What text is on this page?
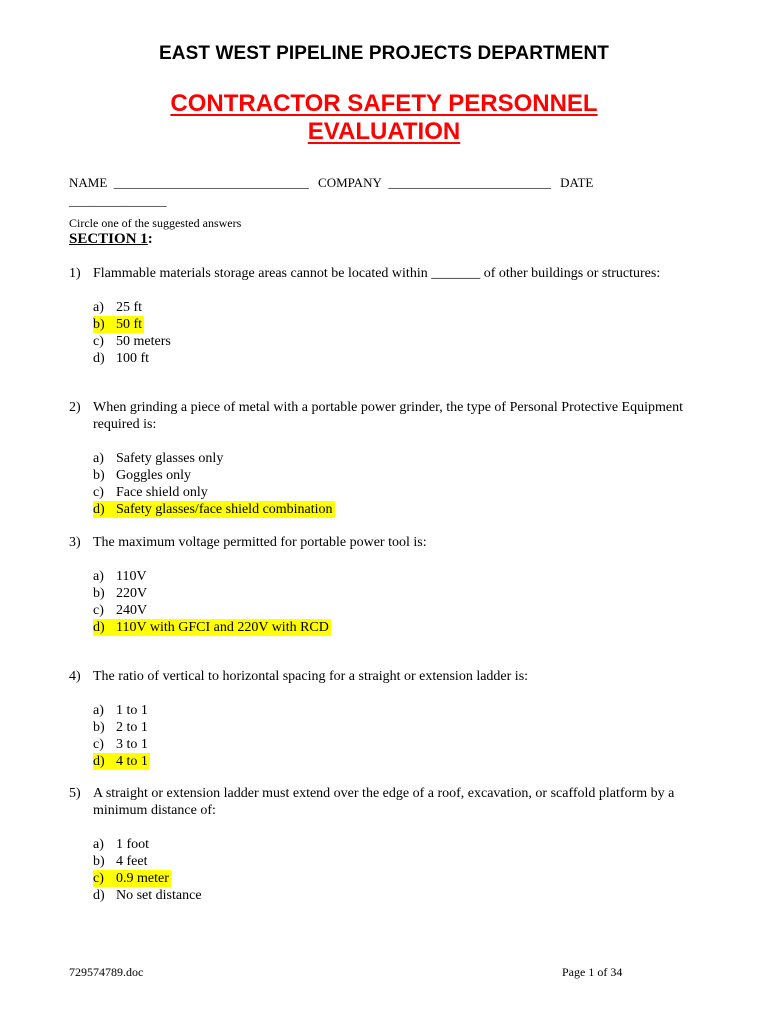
EAST WEST PIPELINE PROJECTS DEPARTMENT
CONTRACTOR SAFETY PERSONNEL
EVALUATION
NAME ______________________________ COMPANY _________________________ DATE _______________
Circle one of the suggested answers
SECTION 1:
1) Flammable materials storage areas cannot be located within _______ of other buildings or structures:
a) 25 ft
b) 50 ft
c) 50 meters
d) 100 ft
2) When grinding a piece of metal with a portable power grinder, the type of Personal Protective Equipment required is:
a) Safety glasses only
b) Goggles only
c) Face shield only
d) Safety glasses/face shield combination
3) The maximum voltage permitted for portable power tool is:
a) 110V
b) 220V
c) 240V
d) 110V with GFCI and 220V with RCD
4) The ratio of vertical to horizontal spacing for a straight or extension ladder is:
a) 1 to 1
b) 2 to 1
c) 3 to 1
d) 4 to 1
5) A straight or extension ladder must extend over the edge of a roof, excavation, or scaffold platform by a minimum distance of:
a) 1 foot
b) 4 feet
c) 0.9 meter
d) No set distance
729574789.doc	Page 1 of 34
